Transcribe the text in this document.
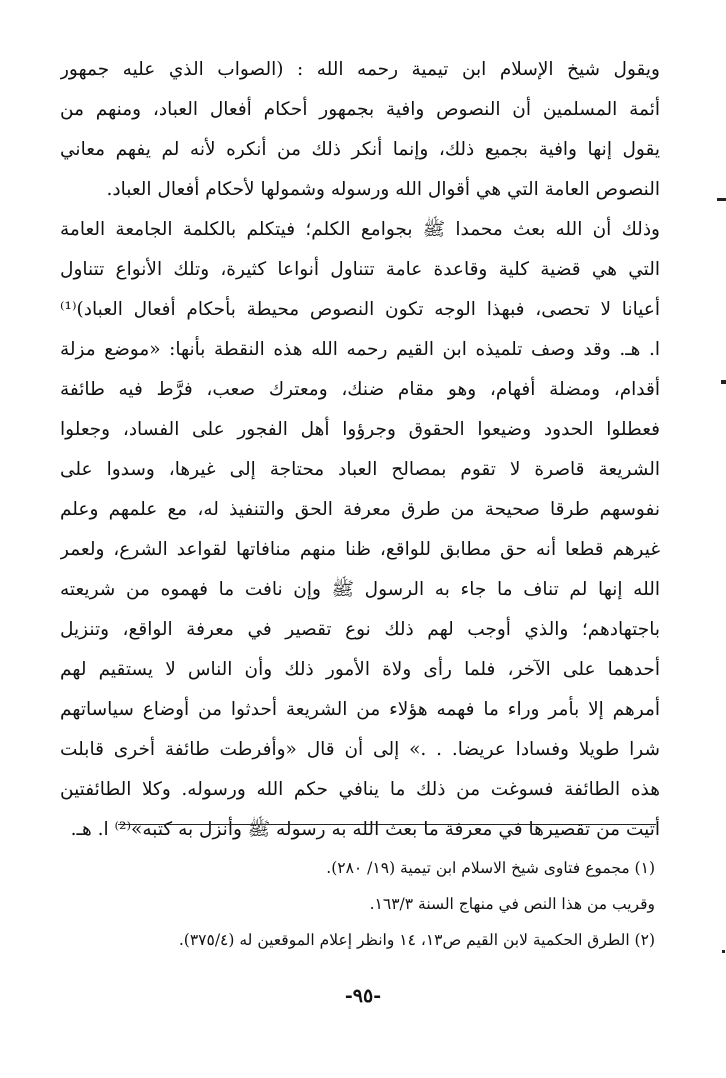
ويقول شيخ الإسلام ابن تيمية رحمه الله : (الصواب الذي عليه جمهور
أئمة المسلمين أن النصوص وافية بجمهور أحكام أفعال العباد، ومنهم من
يقول إنها وافية بجميع ذلك، وإنما أنكر ذلك من أنكره لأنه لم يفهم معاني
النصوص العامة التي هي أقوال الله ورسوله وشمولها لأحكام أفعال العباد.
وذلك أن الله بعث محمدا ﷺ بجوامع الكلم؛ فيتكلم بالكلمة الجامعة العامة
التي هي قضية كلية وقاعدة عامة تتناول أنواعا كثيرة، وتلك الأنواع تتناول
أعيانا لا تحصى، فبهذا الوجه تكون النصوص محيطة بأحكام أفعال العباد)⁽¹⁾
ا. هـ. وقد وصف تلميذه ابن القيم رحمه الله هذه النقطة بأنها: «موضع مزلة
أقدام، ومضلة أفهام، وهو مقام ضنك، ومعترك صعب، فرَّط فيه طائفة
فعطلوا الحدود وضيعوا الحقوق وجرؤوا أهل الفجور على الفساد، وجعلوا
الشريعة قاصرة لا تقوم بمصالح العباد محتاجة إلى غيرها، وسدوا على
نفوسهم طرقا صحيحة من طرق معرفة الحق والتنفيذ له، مع علمهم وعلم
غيرهم قطعا أنه حق مطابق للواقع، ظنا منهم منافاتها لقواعد الشرع، ولعمر
الله إنها لم تناف ما جاء به الرسول ﷺ وإن نافت ما فهموه من شريعته
باجتهادهم؛ والذي أوجب لهم ذلك نوع تقصير في معرفة الواقع، وتنزيل
أحدهما على الآخر، فلما رأى ولاة الأمور ذلك وأن الناس لا يستقيم لهم
أمرهم إلا بأمر وراء ما فهمه هؤلاء من الشريعة أحدثوا من أوضاع سياساتهم
شرا طويلا وفسادا عريضا. . .» إلى أن قال «وأفرطت طائفة أخرى قابلت
هذه الطائفة فسوغت من ذلك ما ينافي حكم الله ورسوله. وكلا الطائفتين
أتيت من تقصيرها في معرفة ما بعث الله به رسوله ﷺ وأنزل به كتبه»⁽²⁾ ا. هـ.
(١) مجموع فتاوى شيخ الاسلام ابن تيمية (١٩/ ٢٨٠).
وقريب من هذا النص في منهاج السنة ١٦٣/٣.
(٢) الطرق الحكمية لابن القيم ص١٣، ١٤ وانظر إعلام الموقعين له (٣٧٥/٤).
-٩٥-
